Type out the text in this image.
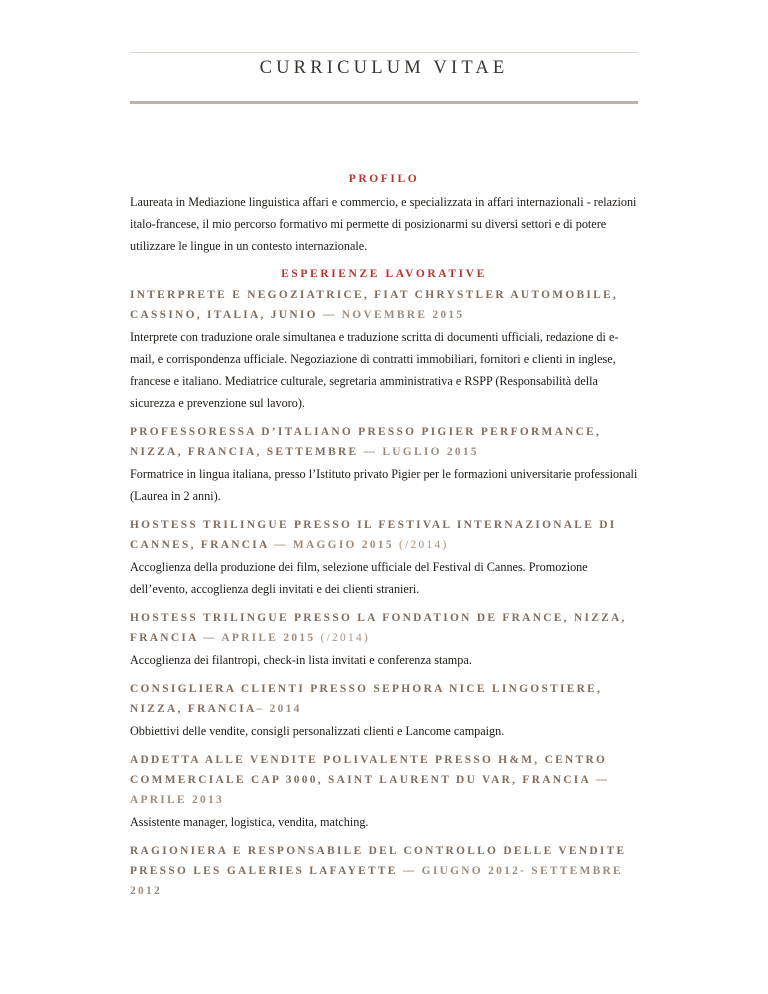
CURRICULUM VITAE
PROFILO

Laureata in Mediazione linguistica affari e commercio, e specializzata in affari internazionali - relazioni italo-francese, il mio percorso formativo mi permette di posizionarmi su diversi settori e di potere utilizzare le lingue in un contesto internazionale.

ESPERIENZE LAVORATIVE

INTERPRETE E NEGOZIATRICE, FIAT CHRYSTLER AUTOMOBILE, CASSINO, ITALIA, JUNIO — NOVEMBRE 2015

Interprete con traduzione orale simultanea e traduzione scritta di documenti ufficiali, redazione di e-mail, e corrispondenza ufficiale. Negoziazione di contratti immobiliari, fornitori e clienti in inglese, francese e italiano. Mediatrice culturale, segretaria amministrativa e RSPP (Responsabilità della sicurezza e prevenzione sul lavoro).

PROFESSORESSA D’ITALIANO PRESSO PIGIER PERFORMANCE, NIZZA, FRANCIA, SETTEMBRE — LUGLIO 2015

Formatrice in lingua italiana, presso l’Istituto privato Pigier per le formazioni universitarie professionali (Laurea in 2 anni).

HOSTESS TRILINGUE PRESSO IL FESTIVAL INTERNAZIONALE DI CANNES, FRANCIA — MAGGIO 2015 (/2014)

Accoglienza della produzione dei film, selezione ufficiale del Festival di Cannes. Promozione dell’evento, accoglienza degli invitati e dei clienti stranieri.

HOSTESS TRILINGUE PRESSO LA FONDATION DE FRANCE, NIZZA, FRANCIA — APRILE 2015 (/2014)

Accoglienza dei filantropi, check-in lista invitati e conferenza stampa.

CONSIGLIERA CLIENTI PRESSO SEPHORA NICE LINGOSTIERE, NIZZA, FRANCIA– 2014

Obbiettivi delle vendite, consigli personalizzati clienti e Lancome campaign.

ADDETTA ALLE VENDITE POLIVALENTE PRESSO H&M, CENTRO COMMERCIALE CAP 3000, SAINT LAURENT DU VAR, FRANCIA — APRILE 2013

Assistente manager, logistica, vendita, matching.

RAGIONIERA E RESPONSABILE DEL CONTROLLO DELLE VENDITE PRESSO LES GALERIES LAFAYETTE — GIUGNO 2012- SETTEMBRE 2012
